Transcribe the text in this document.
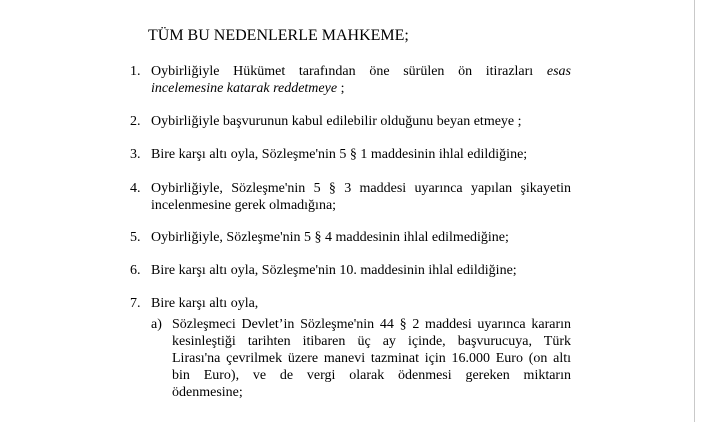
TÜM BU NEDENLERLE MAHKEME;
1. Oybirliğiyle Hükümet tarafından öne sürülen ön itirazları esas
incelemesine katarak reddetmeye ;
2. Oybirliğiyle başvurunun kabul edilebilir olduğunu beyan etmeye ;
3. Bire karşı altı oyla, Sözleşme'nin 5 § 1 maddesinin ihlal edildiğine;
4. Oybirliğiyle, Sözleşme'nin 5 § 3 maddesi uyarınca yapılan şikayetin
incelenmesine gerek olmadığına;
5. Oybirliğiyle, Sözleşme'nin 5 § 4 maddesinin ihlal edilmediğine;
6. Bire karşı altı oyla, Sözleşme'nin 10. maddesinin ihlal edildiğine;
7. Bire karşı altı oyla,
a) Sözleşmeci Devlet’in Sözleşme'nin 44 § 2 maddesi uyarınca kararın
kesinleştiği tarihten itibaren üç ay içinde, başvurucuya, Türk
Lirası'na çevrilmek üzere manevi tazminat için 16.000 Euro (on altı
bin Euro), ve de vergi olarak ödenmesi gereken miktarın
ödenmesine;
